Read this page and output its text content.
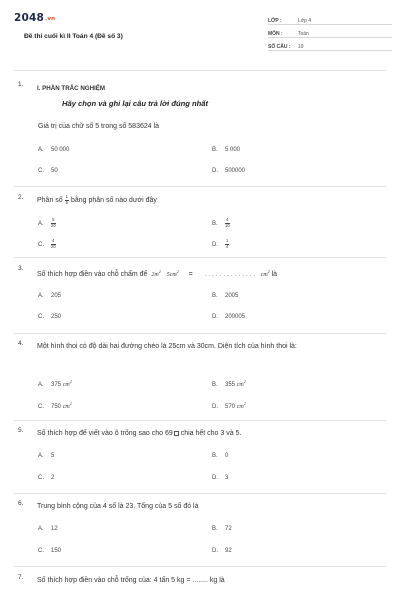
2048.vn
Đề thi cuối kì II Toán 4 (Đề số 3)
LỚP :	Lớp 4
MÔN :	Toán
SỐ CÂU :	19
1.
I. PHẦN TRẮC NGHIỆM
Hãy chọn và ghi lại câu trả lời đúng nhất
Giá trị của chữ số 5 trong số 583624 là
A. 50 000	B. 5 000
C. 50	D. 500000
2. Phân số $\frac{1}{5}$ bằng phân số nào dưới đây
A. $\frac{5}{20}$	B. $\frac{4}{10}$
C. $\frac{4}{20}$	D. $\frac{1}{4}$
3.
Số thích hợp điền vào chỗ chấm để $2m^2$ $5cm^2$ = . . . . . . . . . . . . . . $cm^2$ là
A. 205	B. 2005
C. 250	D. 200005
4. Một hình thoi có độ dài hai đường chéo là 25cm và 30cm. Diện tích của hình thoi là:
A. 375 $cm^2$
B. 355 $cm^2$
C. 750 $cm^2$
D. 570 $cm^2$
5. Số thích hợp để viết vào ô trống sao cho 69 chia hết cho 3 và 5.
A. 5	B. 0
C. 2	D. 3
6. Trung bình cộng của 4 số là 23. Tổng của 5 số đó là
A. 12	B. 72
C. 150	D. 92
7. Số thích hợp điền vào chỗ trống của: 4 tấn 5 kg = ........ kg là
